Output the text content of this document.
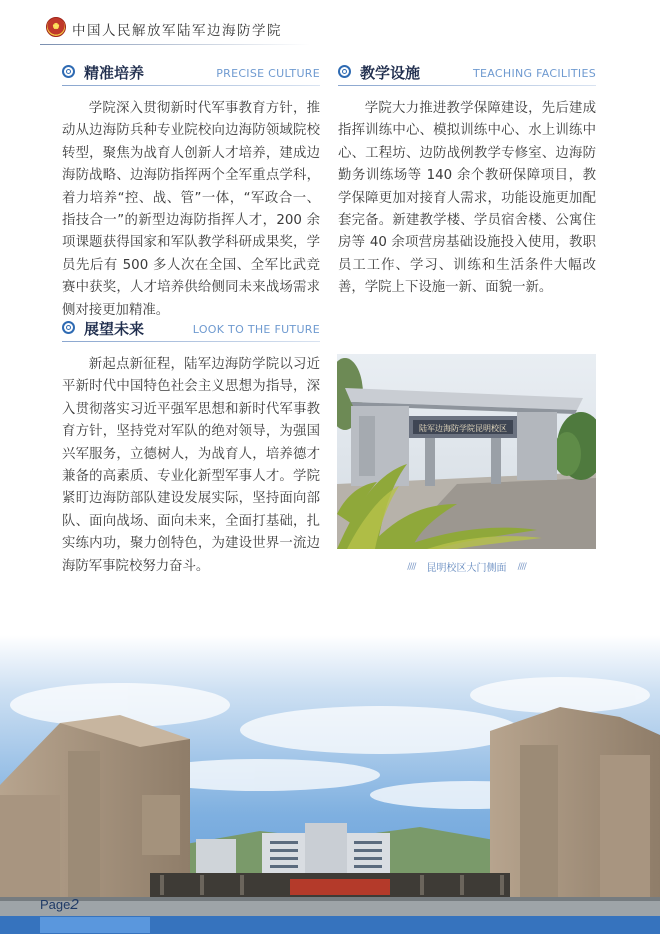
★ 中国人民解放军陆军边海防学院
精准培养	PRECISE CULTURE

学院深入贯彻新时代军事教育方针，推动从边海防兵种专业院校向边海防领域院校转型，聚焦为战育人创新人才培养，建成边海防战略、边海防指挥两个全军重点学科，着力培养“控、战、管”一体，“军政合一、指技合一”的新型边海防指挥人才，200 余项课题获得国家和军队教学科研成果奖，学员先后有 500 多人次在全国、全军比武竞赛中获奖，人才培养供给侧同未来战场需求侧对接更加精准。

展望未来	LOOK TO THE FUTURE

新起点新征程，陆军边海防学院以习近平新时代中国特色社会主义思想为指导，深入贯彻落实习近平强军思想和新时代军事教育方针，坚持党对军队的绝对领导，为强国兴军服务，立德树人，为战育人，培养德才兼备的高素质、专业化新型军事人才。学院紧盯边海防部队建设发展实际，坚持面向部队、面向战场、面向未来，全面打基础，扎实练内功，聚力创特色，为建设世界一流边海防军事院校努力奋斗。

教学设施	TEACHING FACILITIES

学院大力推进教学保障建设，先后建成指挥训练中心、模拟训练中心、水上训练中心、工程坊、边防战例教学专修室、边海防勤务训练场等 140 余个教研保障项目，教学保障更加对接育人需求，功能设施更加配套完备。新建教学楼、学员宿舍楼、公寓住房等 40 余项营房基础设施投入使用，教职员工工作、学习、训练和生活条件大幅改善，学院上下设施一新、面貌一新。

陆军边海防学院昆明校区
//// 昆明校区大门侧面 ////
Page2
